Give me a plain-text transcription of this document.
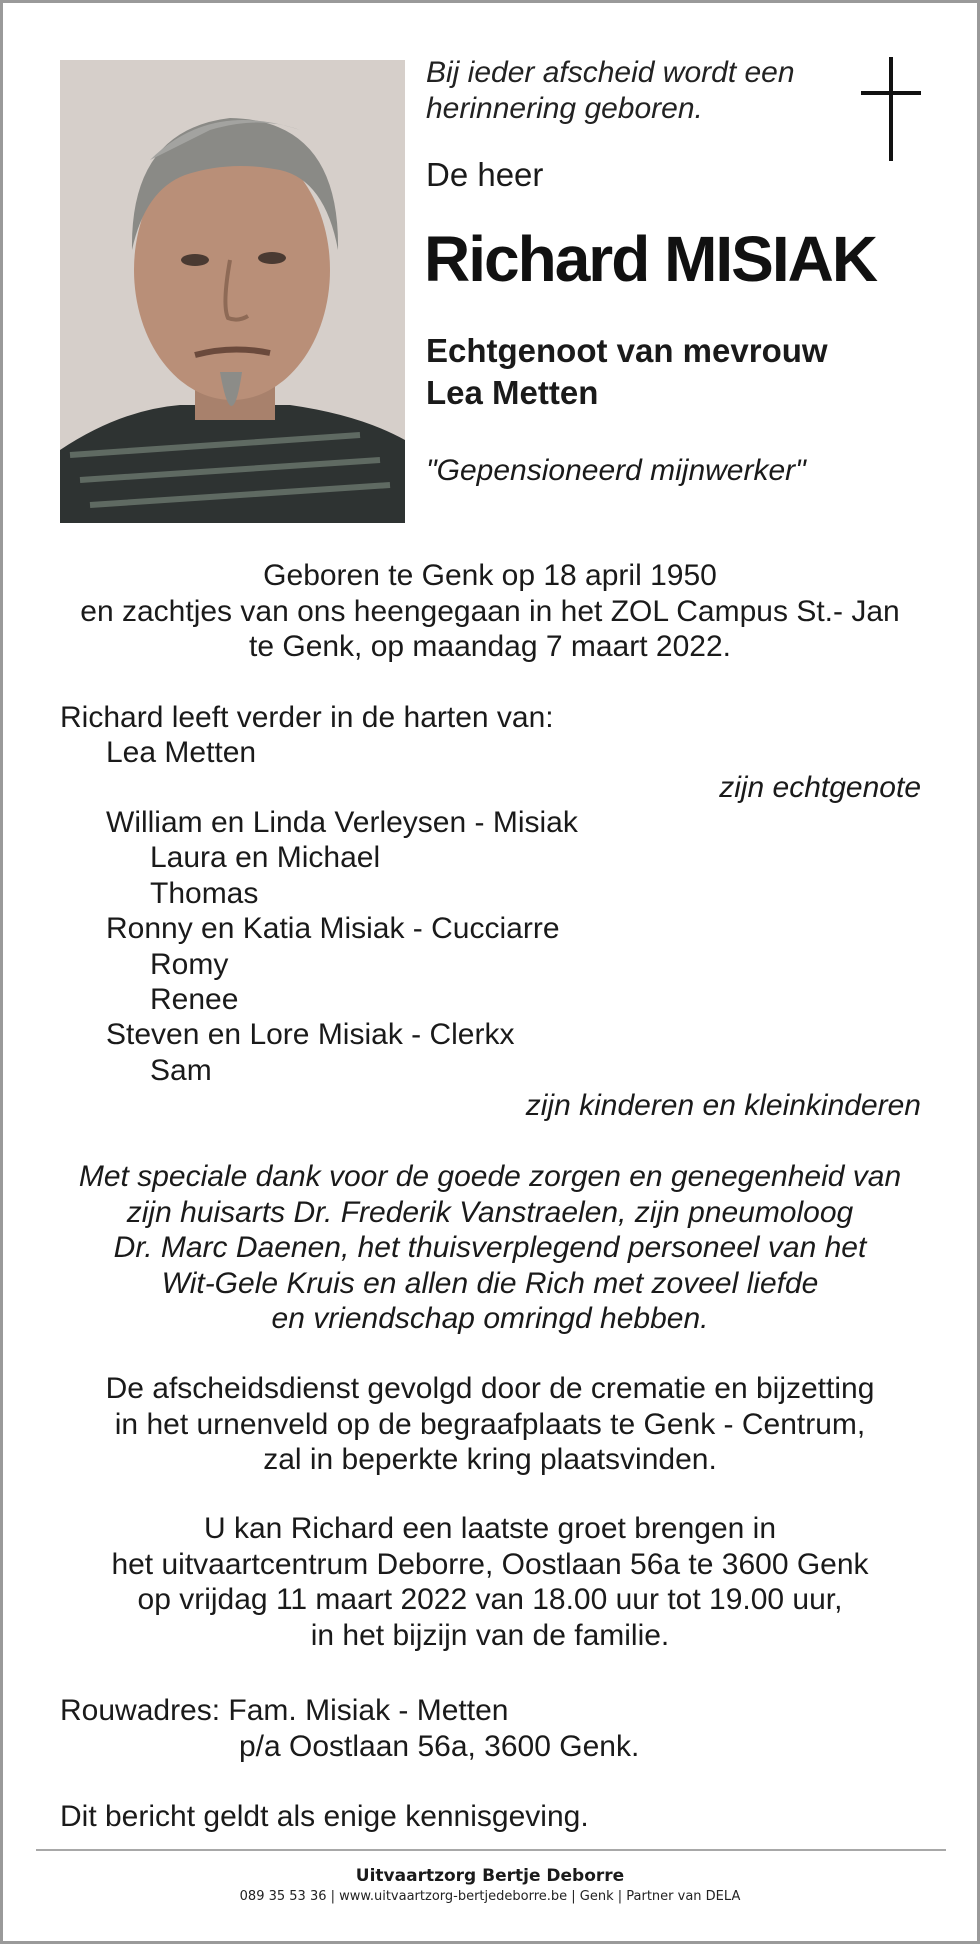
Bij ieder afscheid wordt een
herinnering geboren.
De heer
Richard MISIAK
Echtgenoot van mevrouw
Lea Metten
"Gepensioneerd mijnwerker"
Geboren te Genk op 18 april 1950
en zachtjes van ons heengegaan in het ZOL Campus St.- Jan
te Genk, op maandag 7 maart 2022.
Richard leeft verder in de harten van:
Lea Metten
zijn echtgenote
William en Linda Verleysen - Misiak
Laura en Michael
Thomas
Ronny en Katia Misiak - Cucciarre
Romy
Renee
Steven en Lore Misiak - Clerkx
Sam
zijn kinderen en kleinkinderen
Met speciale dank voor de goede zorgen en genegenheid van
zijn huisarts Dr. Frederik Vanstraelen, zijn pneumoloog
Dr. Marc Daenen, het thuisverplegend personeel van het
Wit-Gele Kruis en allen die Rich met zoveel liefde
en vriendschap omringd hebben.
De afscheidsdienst gevolgd door de crematie en bijzetting
in het urnenveld op de begraafplaats te Genk - Centrum,
zal in beperkte kring plaatsvinden.
U kan Richard een laatste groet brengen in
het uitvaartcentrum Deborre, Oostlaan 56a te 3600 Genk
op vrijdag 11 maart 2022 van 18.00 uur tot 19.00 uur,
in het bijzijn van de familie.
Rouwadres: Fam. Misiak - Metten
p/a Oostlaan 56a, 3600 Genk.
Dit bericht geldt als enige kennisgeving.
Uitvaartzorg Bertje Deborre
089 35 53 36 | www.uitvaartzorg-bertjedeborre.be | Genk | Partner van DELA
